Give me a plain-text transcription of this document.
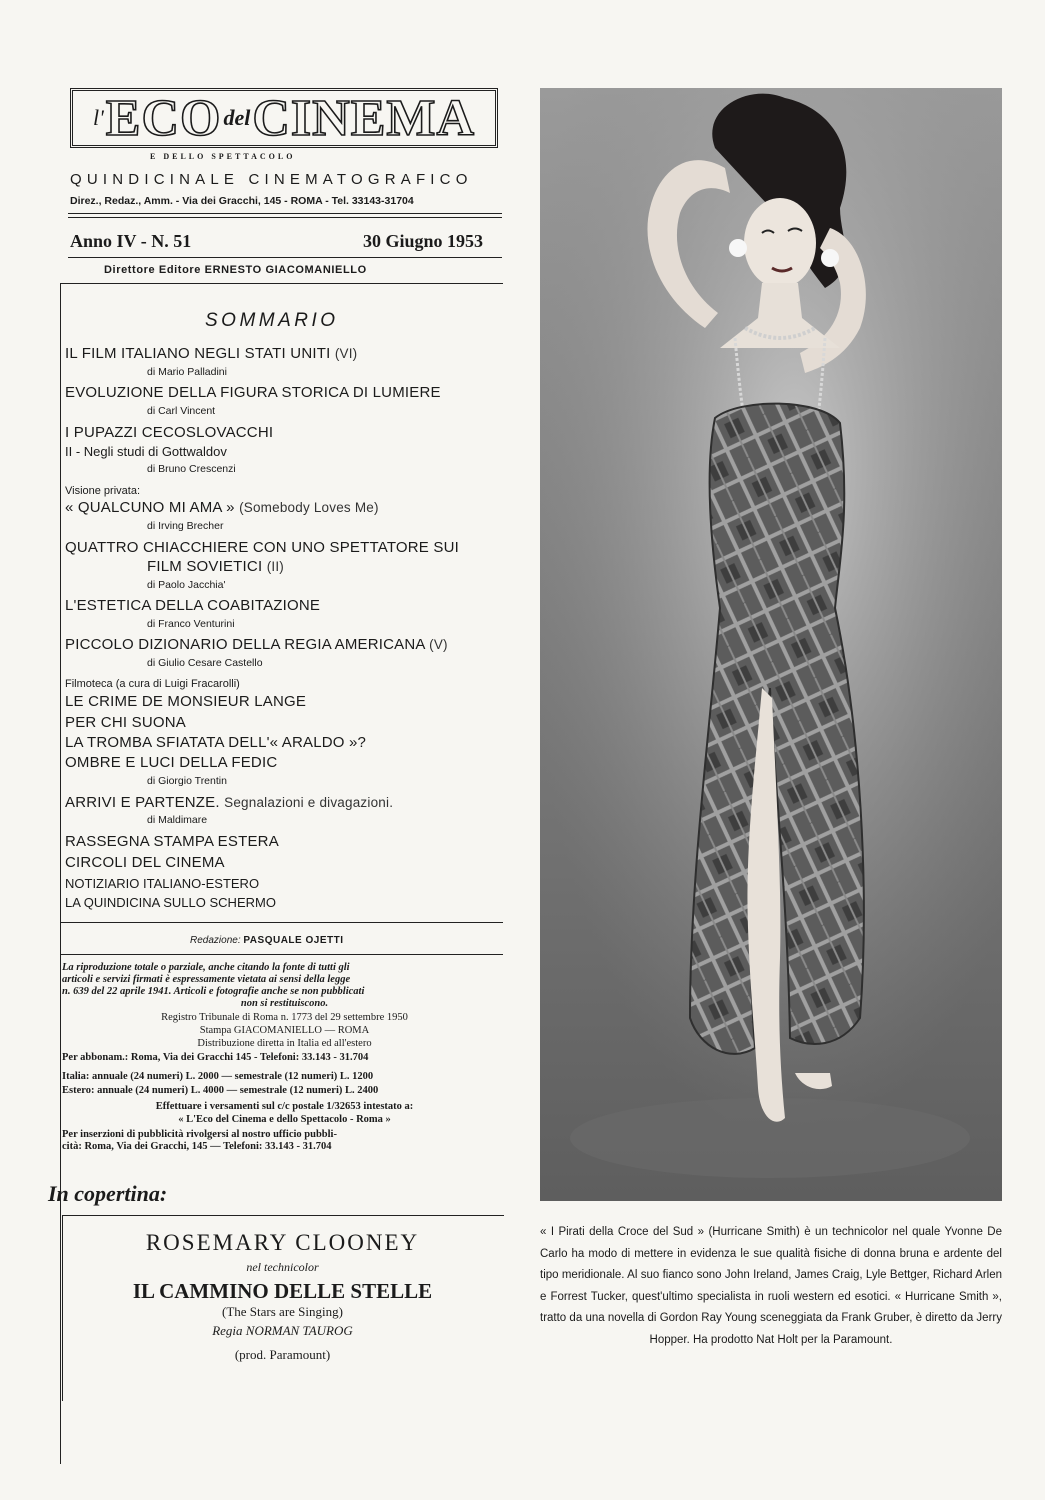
l' ECO del CINEMA
E DELLO SPETTACOLO
QUINDICINALE CINEMATOGRAFICO
Direz., Redaz., Amm. - Via dei Gracchi, 145 - ROMA - Tel. 33143-31704
Anno IV - N. 51	30 Giugno 1953
Direttore Editore ERNESTO GIACOMANIELLO
SOMMARIO
IL FILM ITALIANO NEGLI STATI UNITI (VI)
di Mario Palladini
EVOLUZIONE DELLA FIGURA STORICA DI LUMIERE
di Carl Vincent
I PUPAZZI CECOSLOVACCHI
II - Negli studi di Gottwaldov
di Bruno Crescenzi
Visione privata:
« QUALCUNO MI AMA » (Somebody Loves Me)
di Irving Brecher
QUATTRO CHIACCHIERE CON UNO SPETTATORE SUI
FILM SOVIETICI (II)
di Paolo Jacchia'
L'ESTETICA DELLA COABITAZIONE
di Franco Venturini
PICCOLO DIZIONARIO DELLA REGIA AMERICANA (V)
di Giulio Cesare Castello
Filmoteca (a cura di Luigi Fracarolli)
LE CRIME DE MONSIEUR LANGE
PER CHI SUONA
LA TROMBA SFIATATA DELL'« ARALDO »?
OMBRE E LUCI DELLA FEDIC
di Giorgio Trentin
ARRIVI E PARTENZE. Segnalazioni e divagazioni.
di Maldimare
RASSEGNA STAMPA ESTERA
CIRCOLI DEL CINEMA
NOTIZIARIO ITALIANO-ESTERO
LA QUINDICINA SULLO SCHERMO
Redazione: PASQUALE OJETTI
La riproduzione totale o parziale, anche citando la fonte di tutti gli
articoli e servizi firmati è espressamente vietata ai sensi della legge
n. 639 del 22 aprile 1941. Articoli e fotografie anche se non pubblicati
non si restituiscono.
Registro Tribunale di Roma n. 1773 del 29 settembre 1950
Stampa GIACOMANIELLO — ROMA
Distribuzione diretta in Italia ed all'estero
Per abbonam.: Roma, Via dei Gracchi 145 - Telefoni: 33.143 - 31.704
Italia: annuale (24 numeri) L. 2000 — semestrale (12 numeri) L. 1200
Estero: annuale (24 numeri) L. 4000 — semestrale (12 numeri) L. 2400
Effettuare i versamenti sul c/c postale 1/32653 intestato a:
« L'Eco del Cinema e dello Spettacolo - Roma »
Per inserzioni di pubblicità rivolgersi al nostro ufficio pubbli-
cità: Roma, Via dei Gracchi, 145 — Telefoni: 33.143 - 31.704
In copertina:
ROSEMARY CLOONEY
nel technicolor
IL CAMMINO DELLE STELLE
(The Stars are Singing)
Regia NORMAN TAUROG
(prod. Paramount)
« I Pirati della Croce del Sud » (Hurricane Smith) è un technicolor nel quale Yvonne De Carlo ha modo di mettere in evidenza le sue qualità fisiche di donna bruna e ardente del tipo meridionale. Al suo fianco sono John Ireland, James Craig, Lyle Bettger, Richard Arlen e Forrest Tucker, quest'ultimo specialista in ruoli western ed esotici. « Hurricane Smith », tratto da una novella di Gordon Ray Young sceneggiata da Frank Gruber, è diretto da Jerry Hopper. Ha prodotto Nat Holt per la Paramount.
